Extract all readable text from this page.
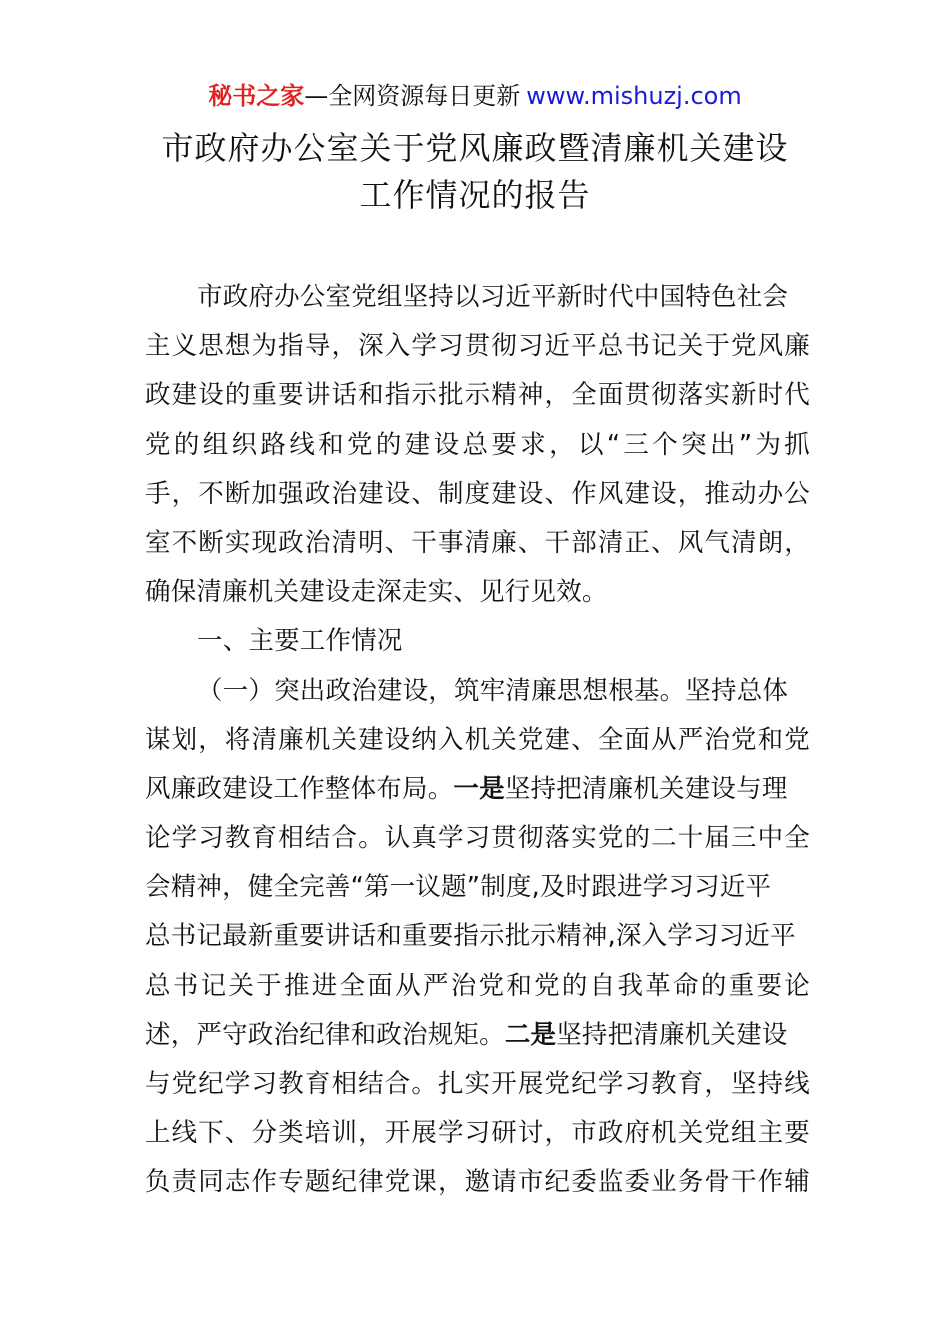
秘书之家—全网资源每日更新 www.mishuzj.com
市政府办公室关于党风廉政暨清廉机关建设
工作情况的报告
市政府办公室党组坚持以习近平新时代中国特色社会
主义思想为指导，深入学习贯彻习近平总书记关于党风廉
政建设的重要讲话和指示批示精神，全面贯彻落实新时代
党的组织路线和党的建设总要求，以“三个突出”为抓
手，不断加强政治建设、制度建设、作风建设，推动办公
室不断实现政治清明、干事清廉、干部清正、风气清朗，
确保清廉机关建设走深走实、见行见效。
一、主要工作情况
（一）突出政治建设，筑牢清廉思想根基。坚持总体
谋划，将清廉机关建设纳入机关党建、全面从严治党和党
风廉政建设工作整体布局。一是坚持把清廉机关建设与理
论学习教育相结合。认真学习贯彻落实党的二十届三中全
会精神，健全完善“第一议题”制度,及时跟进学习习近平
总书记最新重要讲话和重要指示批示精神,深入学习习近平
总书记关于推进全面从严治党和党的自我革命的重要论
述，严守政治纪律和政治规矩。二是坚持把清廉机关建设
与党纪学习教育相结合。扎实开展党纪学习教育，坚持线
上线下、分类培训，开展学习研讨，市政府机关党组主要
负责同志作专题纪律党课，邀请市纪委监委业务骨干作辅
